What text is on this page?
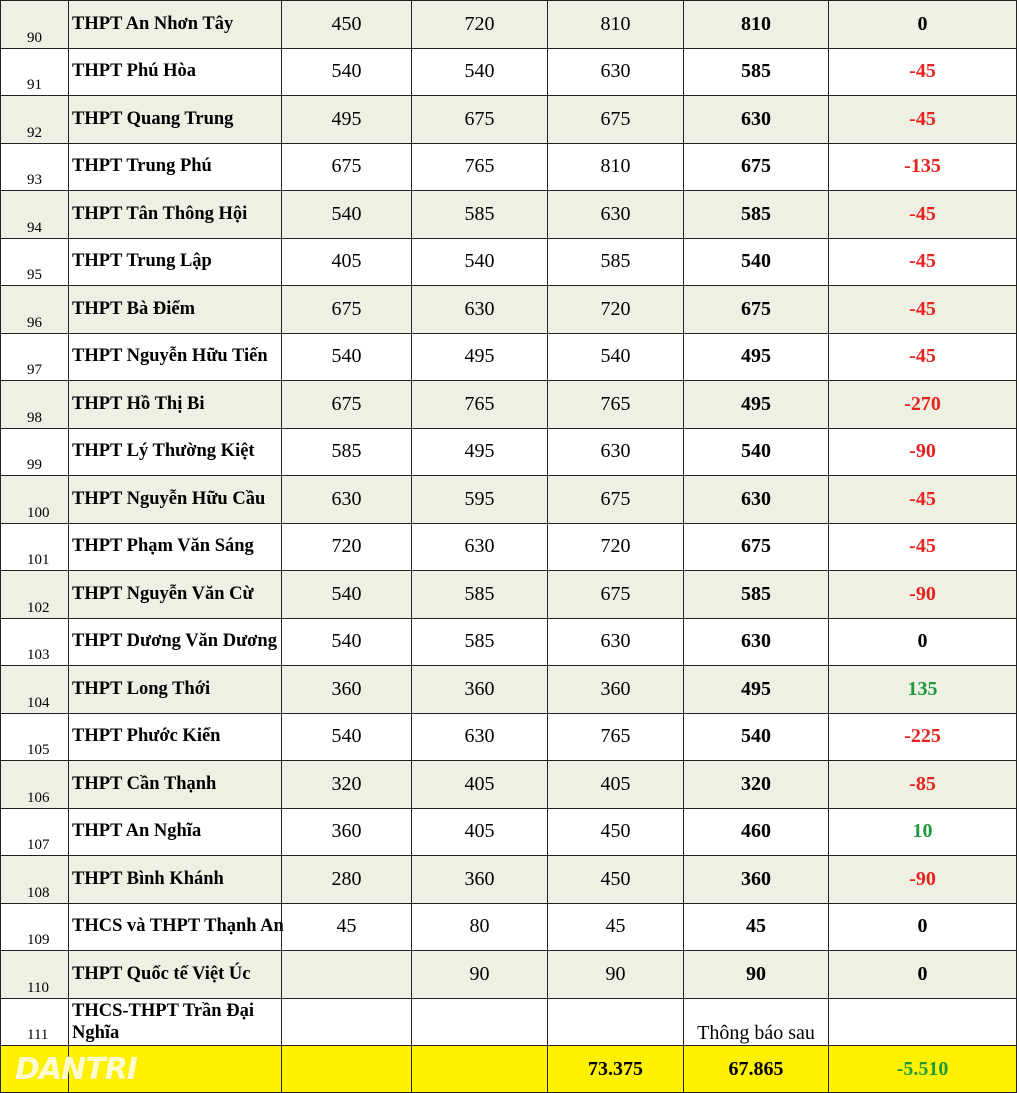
90	THPT An Nhơn Tây	450	720	810	810	0
91	THPT Phú Hòa	540	540	630	585	-45
92	THPT Quang Trung	495	675	675	630	-45
93	THPT Trung Phú	675	765	810	675	-135
94	THPT Tân Thông Hội	540	585	630	585	-45
95	THPT Trung Lập	405	540	585	540	-45
96	THPT Bà Điểm	675	630	720	675	-45
97	THPT Nguyễn Hữu Tiến	540	495	540	495	-45
98	THPT Hồ Thị Bi	675	765	765	495	-270
99	THPT Lý Thường Kiệt	585	495	630	540	-90
100	THPT Nguyễn Hữu Cầu	630	595	675	630	-45
101	THPT Phạm Văn Sáng	720	630	720	675	-45
102	THPT Nguyễn Văn Cừ	540	585	675	585	-90
103	THPT Dương Văn Dương	540	585	630	630	0
104	THPT Long Thới	360	360	360	495	135
105	THPT Phước Kiển	540	630	765	540	-225
106	THPT Cần Thạnh	320	405	405	320	-85
107	THPT An Nghĩa	360	405	450	460	10
108	THPT Bình Khánh	280	360	450	360	-90
109	THCS và THPT Thạnh An	45	80	45	45	0
110	THPT Quốc tế Việt Úc		90	90	90	0
111	THCS-THPT Trần Đại Nghĩa				Thông báo sau	
DANTRI				73.375	67.865	-5.510
